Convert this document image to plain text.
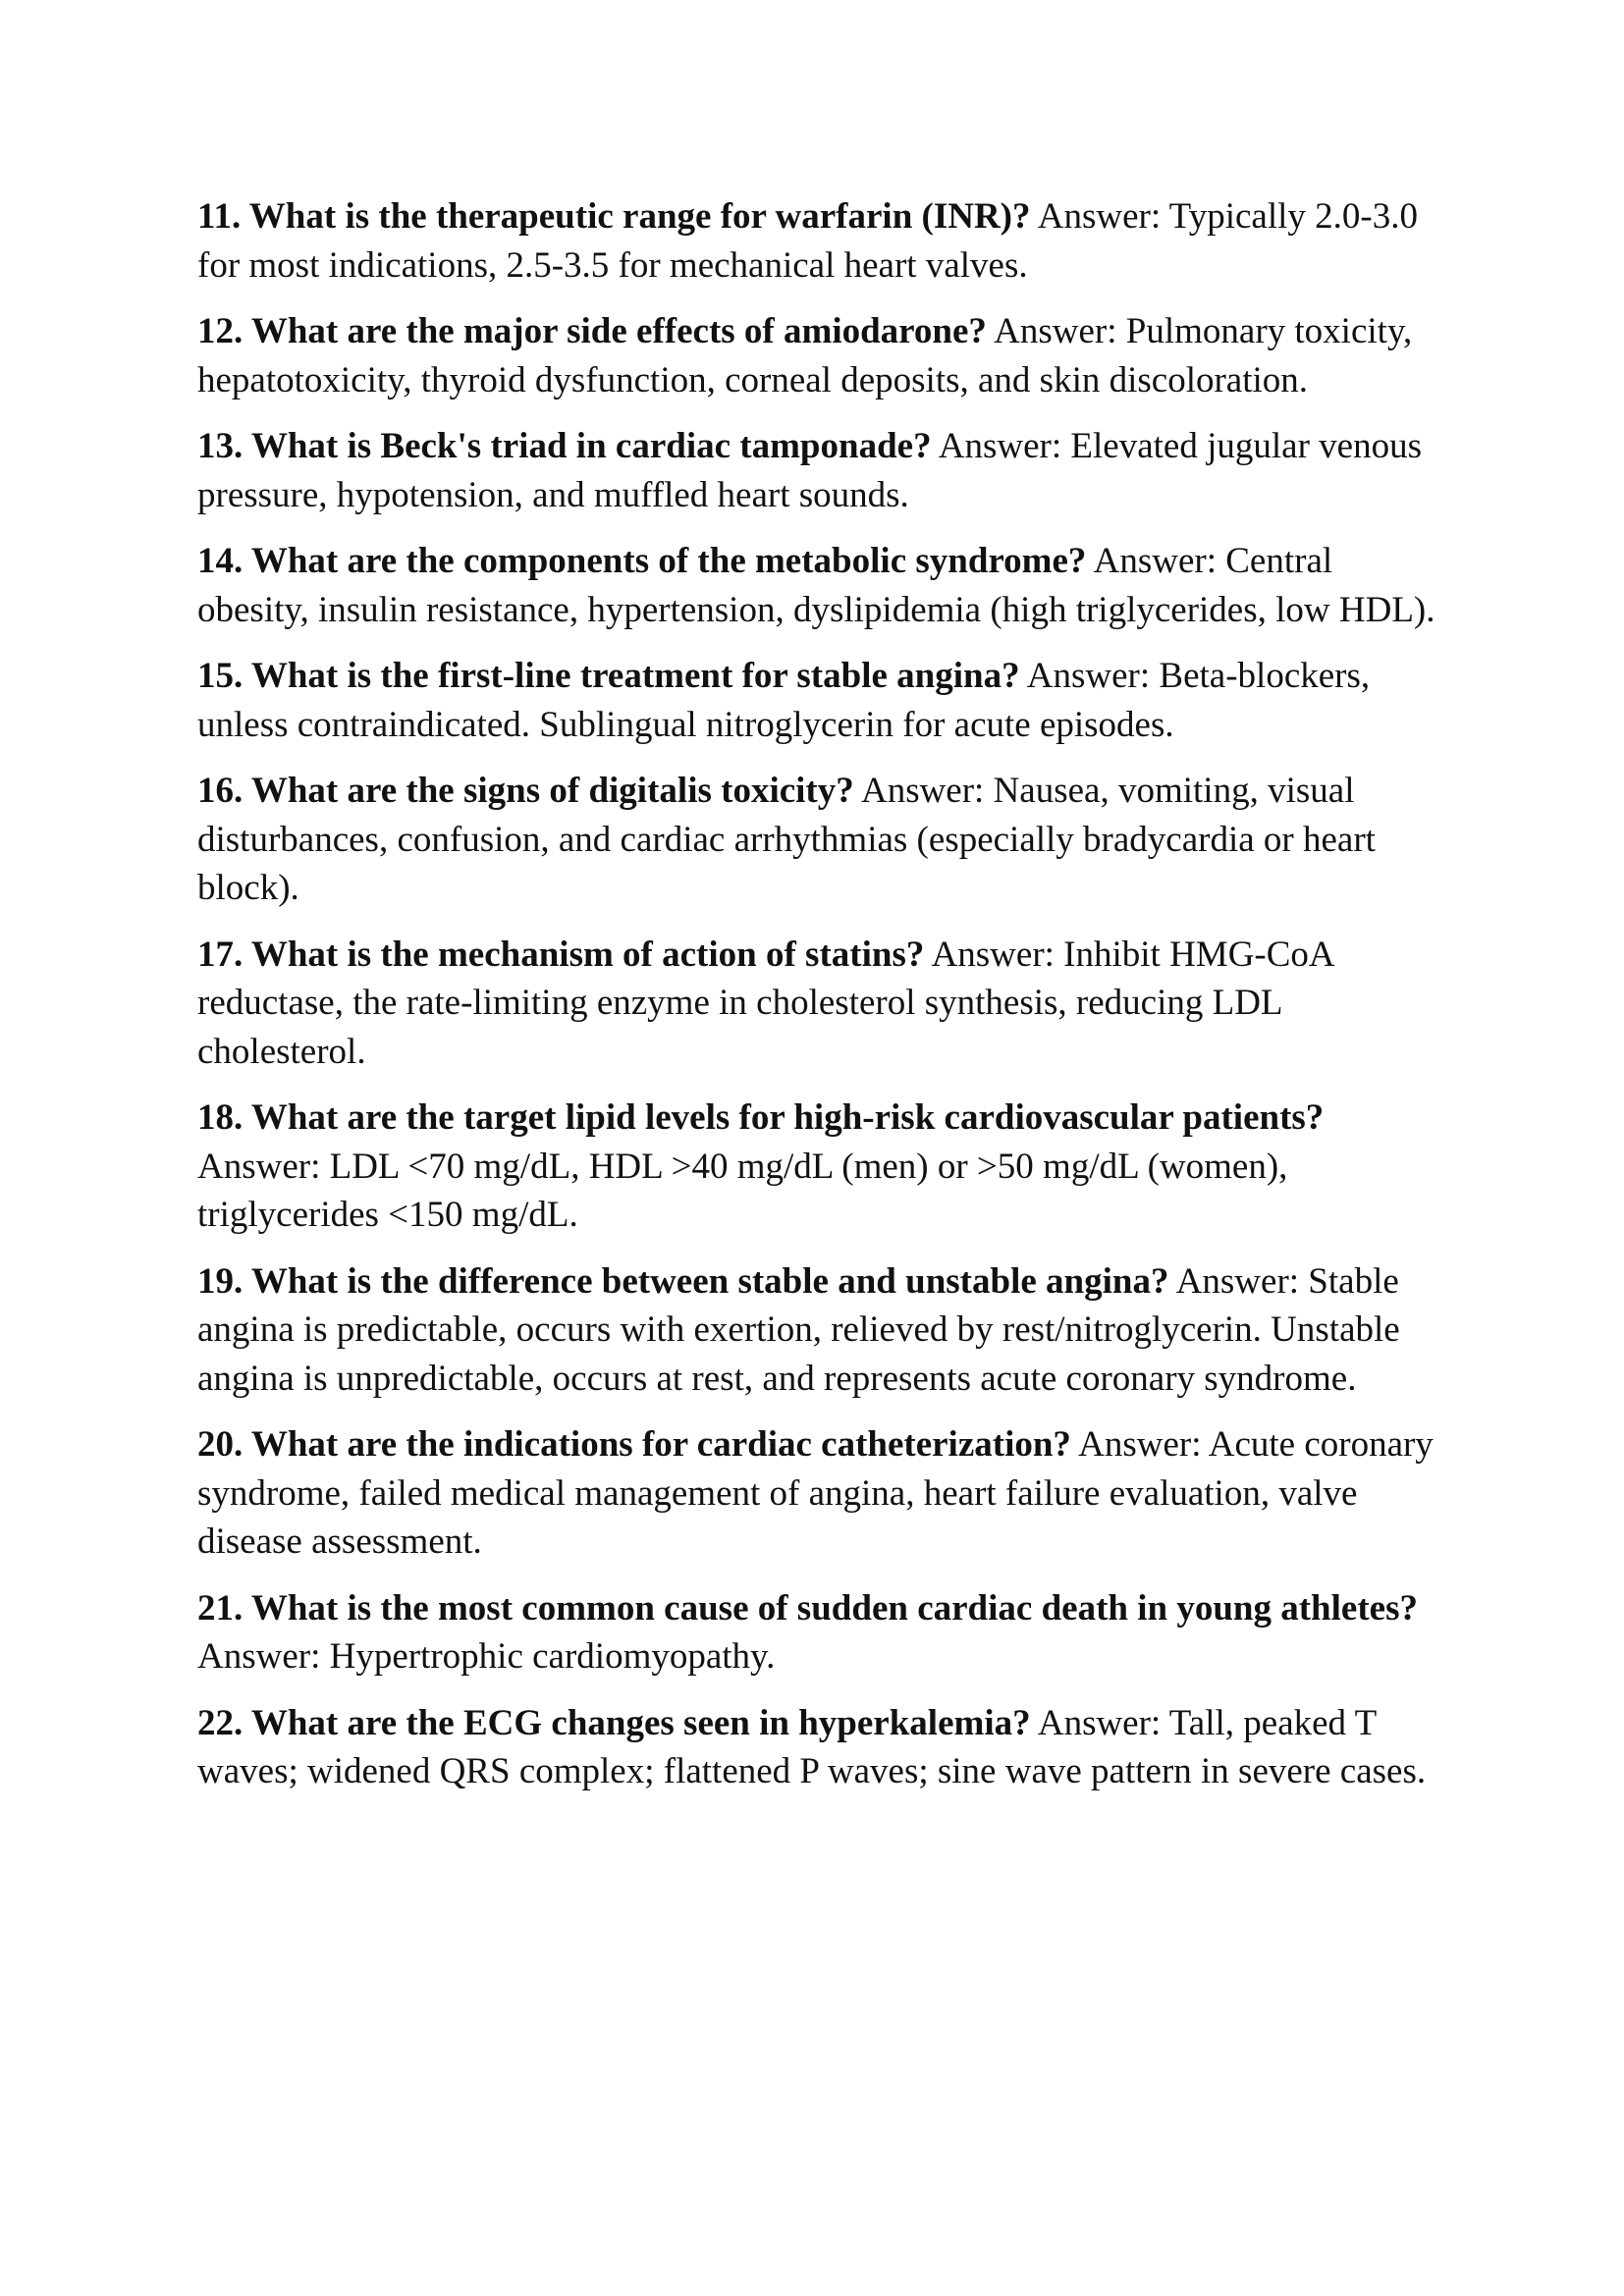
11. What is the therapeutic range for warfarin (INR)? Answer: Typically 2.0-3.0 for most indications, 2.5-3.5 for mechanical heart valves.

12. What are the major side effects of amiodarone? Answer: Pulmonary toxicity, hepatotoxicity, thyroid dysfunction, corneal deposits, and skin discoloration.

13. What is Beck's triad in cardiac tamponade? Answer: Elevated jugular venous pressure, hypotension, and muffled heart sounds.

14. What are the components of the metabolic syndrome? Answer: Central obesity, insulin resistance, hypertension, dyslipidemia (high triglycerides, low HDL).

15. What is the first-line treatment for stable angina? Answer: Beta-blockers, unless contraindicated. Sublingual nitroglycerin for acute episodes.

16. What are the signs of digitalis toxicity? Answer: Nausea, vomiting, visual disturbances, confusion, and cardiac arrhythmias (especially bradycardia or heart block).

17. What is the mechanism of action of statins? Answer: Inhibit HMG-CoA reductase, the rate-limiting enzyme in cholesterol synthesis, reducing LDL cholesterol.

18. What are the target lipid levels for high-risk cardiovascular patients? Answer: LDL <70 mg/dL, HDL >40 mg/dL (men) or >50 mg/dL (women), triglycerides <150 mg/dL.

19. What is the difference between stable and unstable angina? Answer: Stable angina is predictable, occurs with exertion, relieved by rest/nitroglycerin. Unstable angina is unpredictable, occurs at rest, and represents acute coronary syndrome.

20. What are the indications for cardiac catheterization? Answer: Acute coronary syndrome, failed medical management of angina, heart failure evaluation, valve disease assessment.

21. What is the most common cause of sudden cardiac death in young athletes? Answer: Hypertrophic cardiomyopathy.

22. What are the ECG changes seen in hyperkalemia? Answer: Tall, peaked T waves; widened QRS complex; flattened P waves; sine wave pattern in severe cases.
